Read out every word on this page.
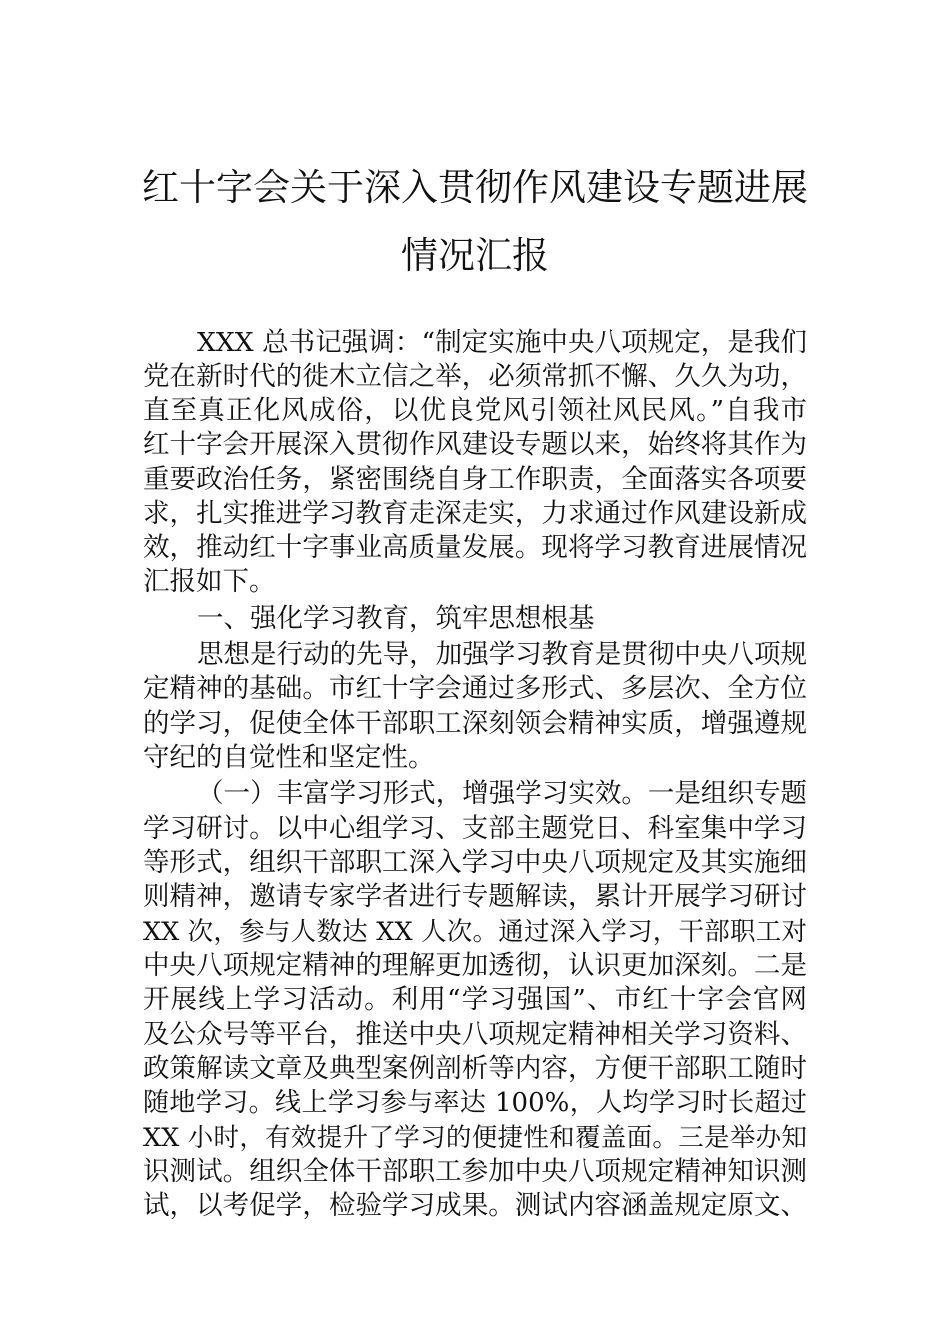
红十字会关于深入贯彻作风建设专题进展
情况汇报
XXX 总书记强调：“制定实施中央八项规定，是我们
党在新时代的徙木立信之举，必须常抓不懈、久久为功，
直至真正化风成俗，以优良党风引领社风民风。”自我市
红十字会开展深入贯彻作风建设专题以来，始终将其作为
重要政治任务，紧密围绕自身工作职责，全面落实各项要
求，扎实推进学习教育走深走实，力求通过作风建设新成
效，推动红十字事业高质量发展。现将学习教育进展情况
汇报如下。
一、强化学习教育，筑牢思想根基
思想是行动的先导，加强学习教育是贯彻中央八项规
定精神的基础。市红十字会通过多形式、多层次、全方位
的学习，促使全体干部职工深刻领会精神实质，增强遵规
守纪的自觉性和坚定性。
（一）丰富学习形式，增强学习实效。一是组织专题
学习研讨。以中心组学习、支部主题党日、科室集中学习
等形式，组织干部职工深入学习中央八项规定及其实施细
则精神，邀请专家学者进行专题解读，累计开展学习研讨
XX 次，参与人数达 XX 人次。通过深入学习，干部职工对
中央八项规定精神的理解更加透彻，认识更加深刻。二是
开展线上学习活动。利用“学习强国”、市红十字会官网
及公众号等平台，推送中央八项规定精神相关学习资料、
政策解读文章及典型案例剖析等内容，方便干部职工随时
随地学习。线上学习参与率达 100%，人均学习时长超过
XX 小时，有效提升了学习的便捷性和覆盖面。三是举办知
识测试。组织全体干部职工参加中央八项规定精神知识测
试，以考促学，检验学习成果。测试内容涵盖规定原文、
